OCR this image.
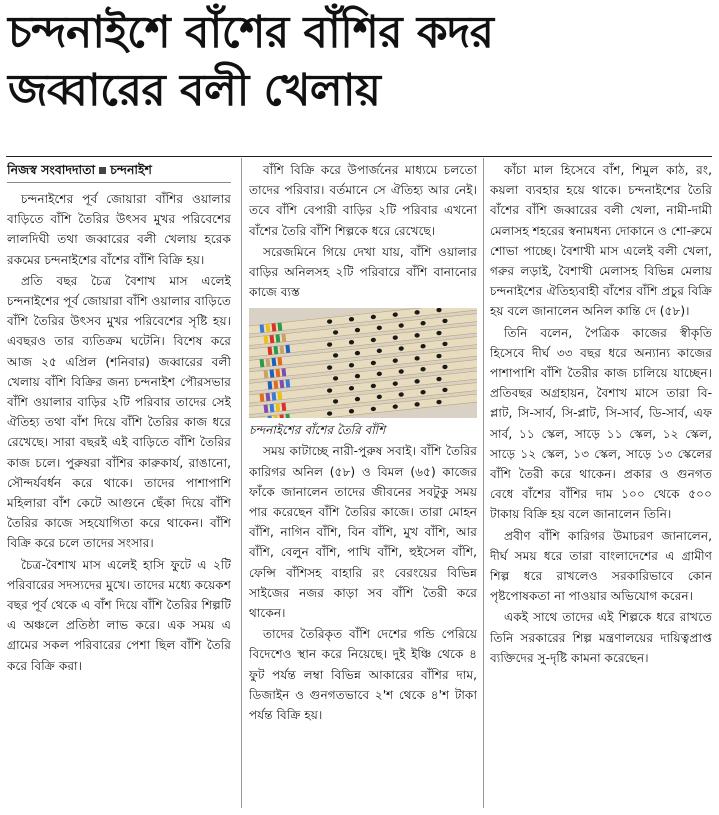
চন্দনাইশে বাঁশের বাঁশির কদর
জব্বারের বলী খেলায়
নিজস্ব সংবাদদাতা চন্দনাইশ

চন্দনাইশের পূর্ব জোয়ারা বাঁশির ওয়ালার বাড়িতে বাঁশি তৈরির উৎসব মুখর পরিবেশের লালদিঘী তথা জব্বারের বলী খেলায় হরেক রকমের চন্দনাইশের বাঁশের বাঁশি বিক্রি হয়।

প্রতি বছর চৈত্র বৈশাখ মাস এলেই চন্দনাইশের পূর্ব জোয়ারা বাঁশি ওয়ালার বাড়িতে বাঁশি তৈরির উৎসব মুখর পরিবেশের সৃষ্টি হয়। এবছরও তার ব্যতিক্রম ঘটেনি। বিশেষ করে আজ ২৫ এপ্রিল (শনিবার) জব্বারের বলী খেলায় বাঁশি বিক্রির জন্য চন্দনাইশ পৌরসভার বাঁশি ওয়ালার বাড়ির ২টি পরিবার তাদের সেই ঐতিহ্য তথা বাঁশ দিয়ে বাঁশি তৈরির কাজ ধরে রেখেছে। সারা বছরই এই বাড়িতে বাঁশি তৈরির কাজ চলে। পুরুষরা বাঁশির কারুকার্য, রাঙানো, সৌন্দর্যবর্ধন করে থাকে। তাদের পাশাপাশি মহিলারা বাঁশ কেটে আগুনে ছেঁকা দিয়ে বাঁশি তৈরির কাজে সহযোগিতা করে থাকেন। বাঁশি বিক্রি করে চলে তাদের সংসার।

চৈত্র-বৈশাখ মাস এলেই হাসি ফুটে এ ২টি পরিবারের সদস্যদের মুখে। তাদের মধ্যে কয়েকশ বছর পূর্ব থেকে এ বাঁশ দিয়ে বাঁশি তৈরির শিল্পটি এ অঞ্চলে প্রতিষ্ঠা লাভ করে। এক সময় এ গ্রামের সকল পরিবারের পেশা ছিল বাঁশি তৈরি করে বিক্রি করা।

বাঁশি বিক্রি করে উপার্জনের মাধ্যমে চলতো তাদের পরিবার। বর্তমানে সে ঐতিহ্য আর নেই। তবে বাঁশি বেপারী বাড়ির ২টি পরিবার এখনো বাঁশের তৈরি বাঁশি শিল্পকে ধরে রেখেছে।

সরেজমিনে গিয়ে দেখা যায়, বাঁশি ওয়ালার বাড়ির অনিলসহ ২টি পরিবারে বাঁশি বানানোর কাজে ব্যস্ত

চন্দনাইশের বাঁশের তৈরি বাঁশি

সময় কাটাচ্ছে নারী-পুরুষ সবাই। বাঁশি তৈরির কারিগর অনিল (৫৮) ও বিমল (৬৫) কাজের ফাঁকে জানালেন তাদের জীবনের সবটুকু সময় পার করেছেন বাঁশি তৈরির কাজে। তারা মোহন বাঁশি, নাগিন বাঁশি, বিন বাঁশি, মুখ বাঁশি, আর বাঁশি, বেলুন বাঁশি, পাখি বাঁশি, হুইসেল বাঁশি, ফেন্সি বাঁশিসহ বাহারি রং বেরংয়ের বিভিন্ন সাইজের নজর কাড়া সব বাঁশি তৈরী করে থাকেন।

তাদের তৈরিকৃত বাঁশি দেশের গন্ডি পেরিয়ে বিদেশেও স্থান করে নিয়েছে। দুই ইঞ্চি থেকে ৪ ফুট পর্যন্ত লম্বা বিভিন্ন আকারের বাঁশির দাম, ডিজাইন ও গুনগতভাবে ২'শ থেকে ৪'শ টাকা পর্যন্ত বিক্রি হয়।

কাঁচা মাল হিসেবে বাঁশ, শিমুল কাঠ, রং, কয়লা ব্যবহার হয়ে থাকে। চন্দনাইশের তৈরি বাঁশের বাঁশি জব্বারের বলী খেলা, নামী-দামী মেলাসহ শহরের স্বনামধন্য দোকানে ও শো-রুমে শোভা পাচ্ছে। বৈশাখী মাস এলেই বলী খেলা, গরুর লড়াই, বৈশাখী মেলাসহ বিভিন্ন মেলায় চন্দনাইশের ঐতিহ্যবাহী বাঁশের বাঁশি প্রচুর বিক্রি হয় বলে জানালেন অনিল কান্তি দে (৫৮)।

তিনি বলেন, পৈত্রিক কাজের স্বীকৃতি হিসেবে দীর্ঘ ৩৩ বছর ধরে অন্যান্য কাজের পাশাপাশি বাঁশি তৈরীর কাজ চালিয়ে যাচ্ছেন। প্রতিবছর অগ্রহায়ন, বৈশাখ মাসে তারা বি-প্লাট, সি-সার্ব, সি-প্লাট, সি-সার্ব, ডি-সার্ব, এফ সার্ব, ১১ স্কেল, সাড়ে ১১ স্কেল, ১২ স্কেল, সাড়ে ১২ স্কেল, ১৩ স্কেল, সাড়ে ১৩ স্কেলের বাঁশি তৈরী করে থাকেন। প্রকার ও গুনগত বেধে বাঁশের বাঁশির দাম ১০০ থেকে ৫০০ টাকায় বিক্রি হয় বলে জানালেন তিনি।

প্রবীণ বাঁশি কারিগর উমাচরণ জানালেন, দীর্ঘ সময় ধরে তারা বাংলাদেশের এ গ্রামীণ শিল্প ধরে রাখলেও সরকারিভাবে কোন পৃষ্টপোষকতা না পাওয়ার অভিযোগ করেন।

একই সাথে তাদের এই শিল্পকে ধরে রাখতে তিনি সরকারের শিল্প মন্ত্রণালয়ের দায়িত্বপ্রাপ্ত ব্যক্তিদের সু-দৃষ্টি কামনা করেছেন।
